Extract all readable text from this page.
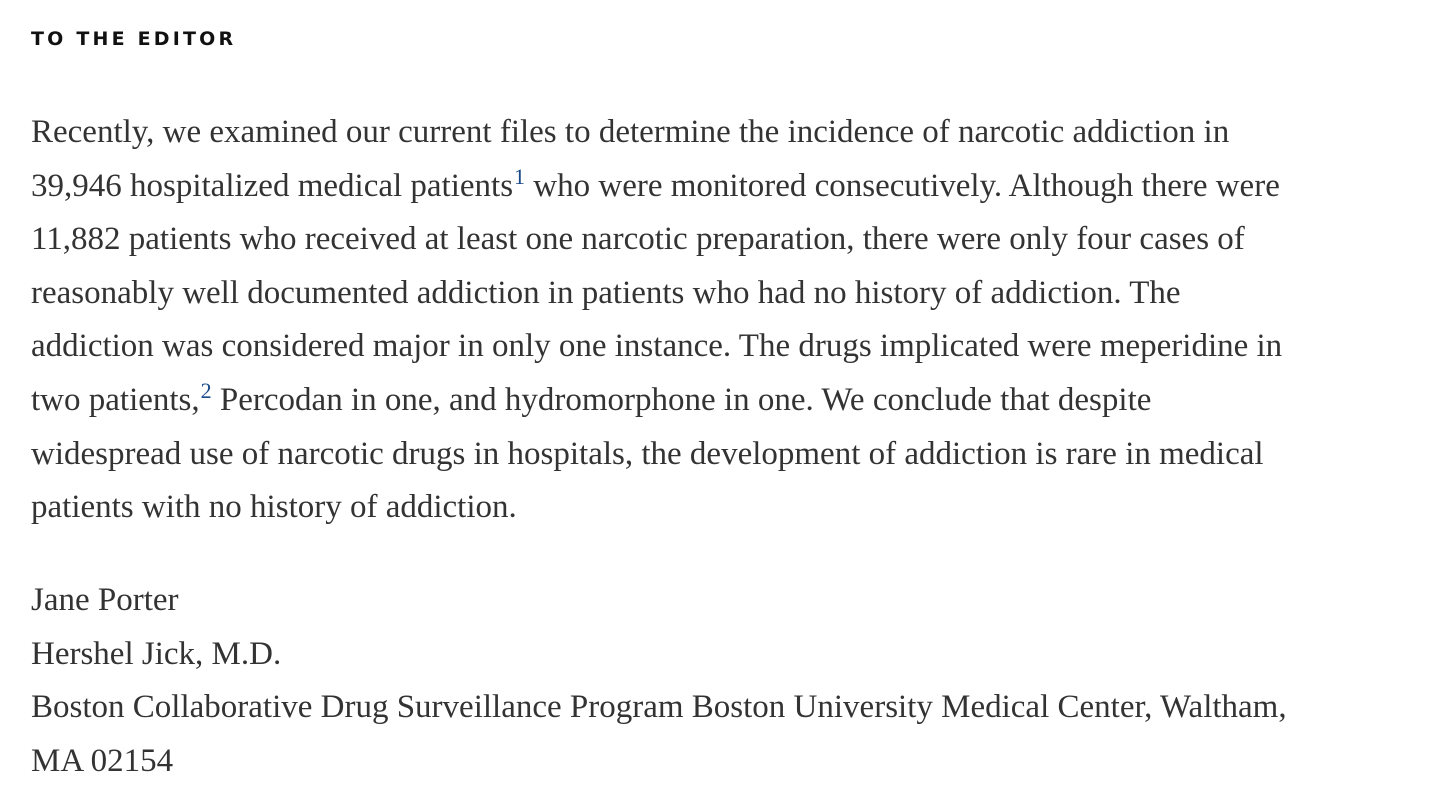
TO THE EDITOR

Recently, we examined our current files to determine the incidence of narcotic addiction in
39,946 hospitalized medical patients$^1$ who were monitored consecutively. Although there were
11,882 patients who received at least one narcotic preparation, there were only four cases of
reasonably well documented addiction in patients who had no history of addiction. The
addiction was considered major in only one instance. The drugs implicated were meperidine in
two patients,$^2$ Percodan in one, and hydromorphone in one. We conclude that despite
widespread use of narcotic drugs in hospitals, the development of addiction is rare in medical
patients with no history of addiction.

Jane Porter
Hershel Jick, M.D.
Boston Collaborative Drug Surveillance Program Boston University Medical Center, Waltham,
MA 02154
